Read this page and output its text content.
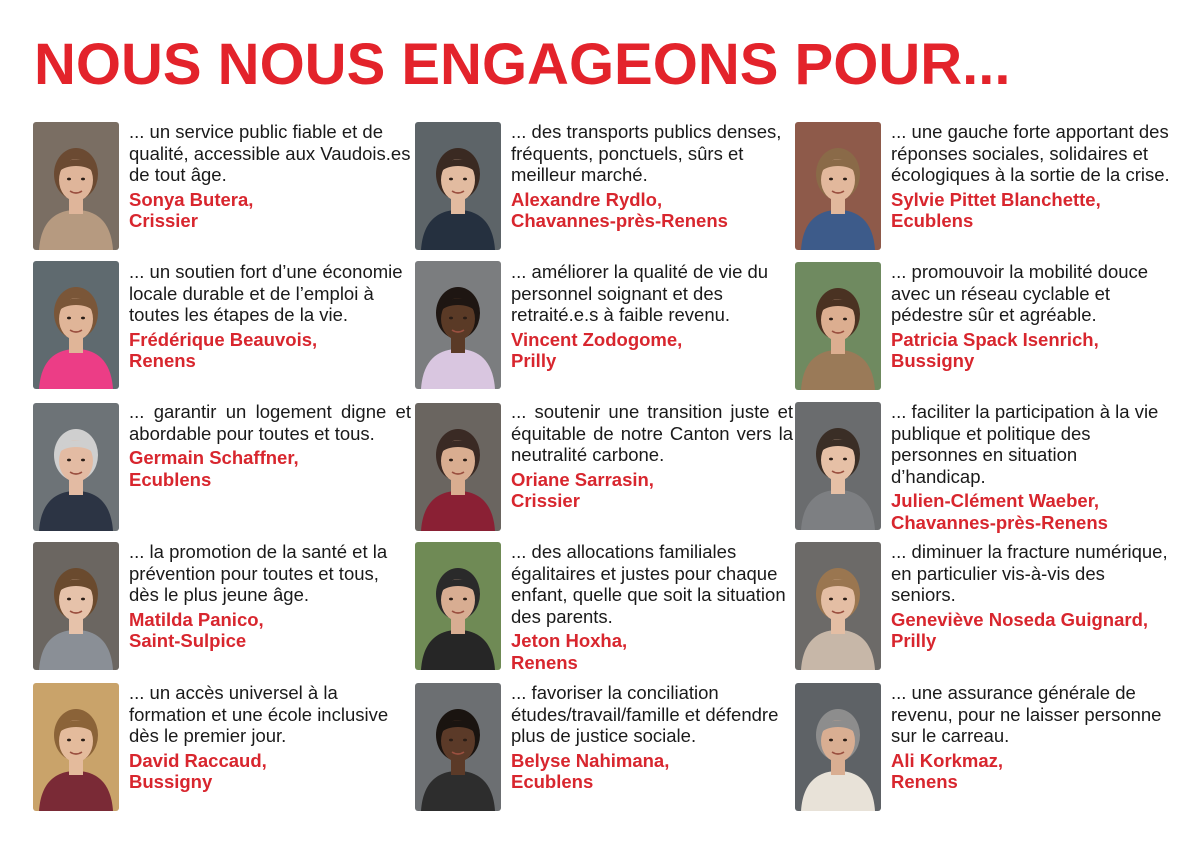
NOUS NOUS ENGAGEONS POUR...

... un service public fiable et de qualité, accessible aux Vaudois.es de tout âge.

Sonya Butera,
Crissier

... un soutien fort d’une économie locale durable et de l’emploi à toutes les étapes de la vie.

Frédérique Beauvois,
Renens

... garantir un logement digne et abordable pour toutes et tous.

Germain Schaffner,
Ecublens

... la promotion de la santé et la prévention pour toutes et tous, dès le plus jeune âge.

Matilda Panico,
Saint-Sulpice

... un accès universel à la formation et une école inclusive dès le premier jour.

David Raccaud,
Bussigny

... des transports publics denses, fréquents, ponctuels, sûrs et meilleur marché.

Alexandre Rydlo,
Chavannes-près-Renens

... améliorer la qualité de vie du personnel soignant et des retraité.e.s à faible revenu.

Vincent Zodogome,
Prilly

... soutenir une transition juste et équitable de notre Canton vers la neutralité carbone.

Oriane Sarrasin,
Crissier

... des allocations familiales égalitaires et justes pour chaque enfant, quelle que soit la situation des parents.

Jeton Hoxha,
Renens

... favoriser la conciliation études/travail/famille et défendre plus de justice sociale.

Belyse Nahimana,
Ecublens

... une gauche forte apportant des réponses sociales, solidaires et écologiques à la sortie de la crise.

Sylvie Pittet Blanchette,
Ecublens

... promouvoir la mobilité douce avec un réseau cyclable et pédestre sûr et agréable.

Patricia Spack Isenrich,
Bussigny

... faciliter la participation à la vie publique et politique des personnes en situation d’handicap.

Julien-Clément Waeber,
Chavannes-près-Renens

... diminuer la fracture numérique, en particulier vis-à-vis des seniors.

Geneviève Noseda Guignard,
Prilly

... une assurance générale de revenu, pour ne laisser personne sur le carreau.

Ali Korkmaz,
Renens
